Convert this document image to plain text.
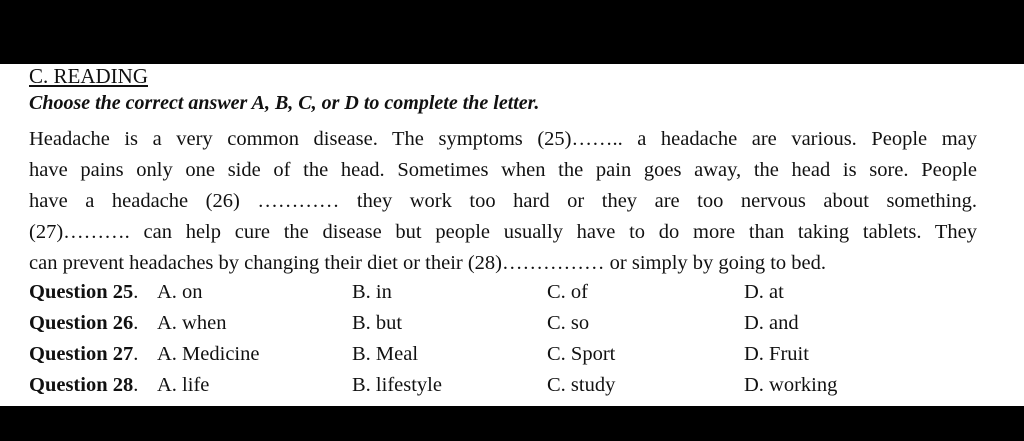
C. READING
Choose the correct answer A, B, C, or D to complete the letter.
Headache is a very common disease. The symptoms (25)…….. a headache are various. People may
have pains only one side of the head. Sometimes when the pain goes away, the head is sore. People
have a headache (26) ………… they work too hard or they are too nervous about something.
(27)………. can help cure the disease but people usually have to do more than taking tablets. They
can prevent headaches by changing their diet or their (28)…………… or simply by going to bed.
Question 25. A. on	B. in	C. of	D. at
Question 26. A. when	B. but	C. so	D. and
Question 27. A. Medicine	B. Meal	C. Sport	D. Fruit
Question 28. A. life	B. lifestyle	C. study	D. working
